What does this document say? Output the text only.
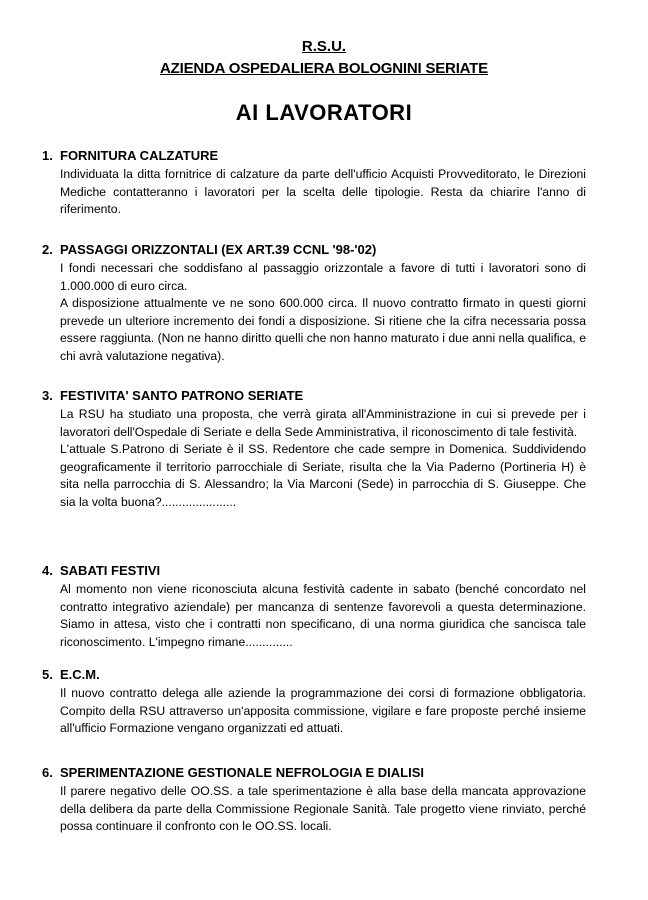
R.S.U.
AZIENDA OSPEDALIERA BOLOGNINI SERIATE
AI LAVORATORI
1. FORNITURA CALZATURE

Individuata la ditta fornitrice di calzature da parte dell'ufficio Acquisti Provveditorato, le Direzioni Mediche contatteranno i lavoratori per la scelta delle tipologie. Resta da chiarire l'anno di riferimento.

2. PASSAGGI ORIZZONTALI (EX ART.39 CCNL '98-'02)

I fondi necessari che soddisfano al passaggio orizzontale a favore di tutti i lavoratori sono di 1.000.000 di euro circa.

A disposizione attualmente ve ne sono 600.000 circa. Il nuovo contratto firmato in questi giorni prevede un ulteriore incremento dei fondi a disposizione. Si ritiene che la cifra necessaria possa essere raggiunta. (Non ne hanno diritto quelli che non hanno maturato i due anni nella qualifica, e chi avrà valutazione negativa).

3. FESTIVITA' SANTO PATRONO SERIATE

La RSU ha studiato una proposta, che verrà girata all'Amministrazione in cui si prevede per i lavoratori dell'Ospedale di Seriate e della Sede Amministrativa, il riconoscimento di tale festività.

L'attuale S.Patrono di Seriate è il SS. Redentore che cade sempre in Domenica. Suddividendo geograficamente il territorio parrocchiale di Seriate, risulta che la Via Paderno (Portineria H) è sita nella parrocchia di S. Alessandro; la Via Marconi (Sede) in parrocchia di S. Giuseppe. Che sia la volta buona?......................

4. SABATI FESTIVI

Al momento non viene riconosciuta alcuna festività cadente in sabato (benché concordato nel contratto integrativo aziendale) per mancanza di sentenze favorevoli a questa determinazione. Siamo in attesa, visto che i contratti non specificano, di una norma giuridica che sancisca tale riconoscimento. L'impegno rimane..............

5. E.C.M.

Il nuovo contratto delega alle aziende la programmazione dei corsi di formazione obbligatoria. Compito della RSU attraverso un'apposita commissione, vigilare e fare proposte perché insieme all'ufficio Formazione vengano organizzati ed attuati.

6. SPERIMENTAZIONE GESTIONALE NEFROLOGIA E DIALISI

Il parere negativo delle OO.SS. a tale sperimentazione è alla base della mancata approvazione della delibera da parte della Commissione Regionale Sanità. Tale progetto viene rinviato, perché possa continuare il confronto con le OO.SS. locali.
